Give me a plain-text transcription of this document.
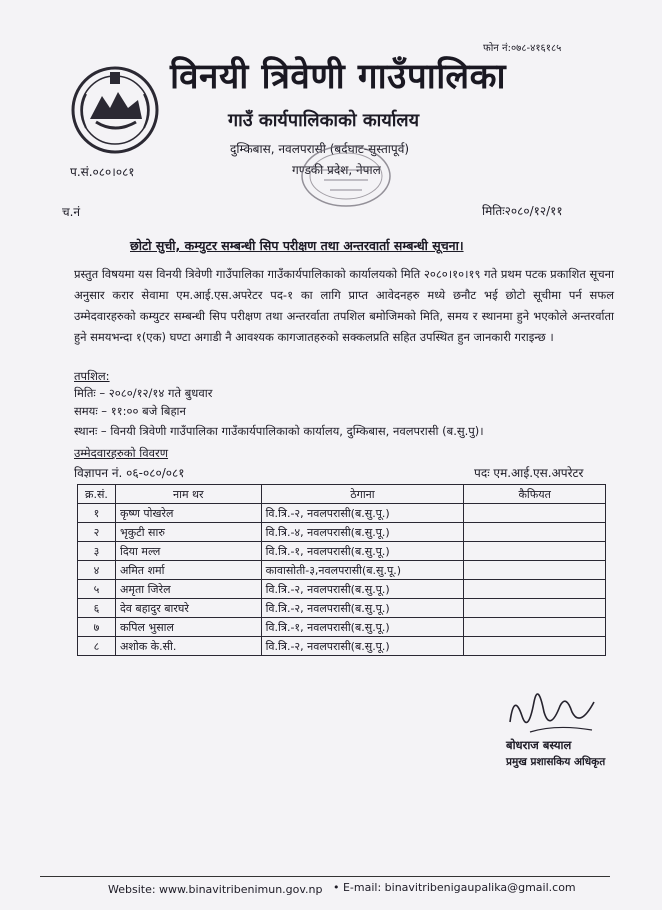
फोन नं:०७८-४१६१८५
विनयी त्रिवेणी गाउँपालिका
गाउँ कार्यपालिकाको कार्यालय
दुम्किबास, नवलपरासी (बर्दघाट-सुस्तापूर्व)
गण्डकी प्रदेश, नेपाल
प.सं.०८०।०८१
च.नं	मितिः२०८०/१२/११
छोटो सुची, कम्युटर सम्बन्धी सिप परीक्षण तथा अन्तरवार्ता सम्बन्धी सूचना।
प्रस्तुत विषयमा यस विनयी त्रिवेणी गाउँपालिका गाउँकार्यपालिकाको कार्यालयको मिति २०८०।१०।१९ गते प्रथम पटक प्रकाशित सूचना अनुसार करार सेवामा एम.आई.एस.अपरेटर पद-१ का लागि प्राप्त आवेदनहरु मध्ये छनौट भई छोटो सूचीमा पर्न सफल उम्मेदवारहरुको कम्युटर सम्बन्धी सिप परीक्षण तथा अन्तरर्वाता तपशिल बमोजिमको मिति, समय र स्थानमा हुने भएकोले अन्तरर्वाता हुने समयभन्दा १(एक) घण्टा अगाडी नै आवश्यक कागजातहरुको सक्कलप्रति सहित उपस्थित हुन जानकारी गराइन्छ ।
तपशिल:
मितिः – २०८०/१२/१४ गते बुधवार
समयः – ११:०० बजे बिहान
स्थानः – विनयी त्रिवेणी गाउँपालिका गाउँकार्यपालिकाको कार्यालय, दुम्किबास, नवलपरासी (ब.सु.पु)।
उम्मेदवारहरुको विवरण
विज्ञापन नं. ०६-०८०/०८१	पदः एम.आई.एस.अपरेटर
क्र.सं.	नाम थर	ठेगाना	कैफियत
१	कृष्ण पोखरेल	वि.त्रि.-२, नवलपरासी(ब.सु.पू.)	
२	भृकुटी सारु	वि.त्रि.-४, नवलपरासी(ब.सु.पू.)	
३	दिया मल्ल	वि.त्रि.-१, नवलपरासी(ब.सु.पू.)	
४	अमित शर्मा	कावासोती-३,नवलपरासी(ब.सु.पू.)	
५	अमृता जिरेल	वि.त्रि.-२, नवलपरासी(ब.सु.पू.)	
६	देव बहादुर बारघरे	वि.त्रि.-२, नवलपरासी(ब.सु.पू.)	
७	कपिल भुसाल	वि.त्रि.-१, नवलपरासी(ब.सु.पू.)	
८	अशोक के.सी.	वि.त्रि.-२, नवलपरासी(ब.सु.पू.)	
बोधराज बस्याल
प्रमुख प्रशासकिय अधिकृत
Website: www.binavitribenimun.gov.np • E-mail: binavitribenigaupalika@gmail.com
